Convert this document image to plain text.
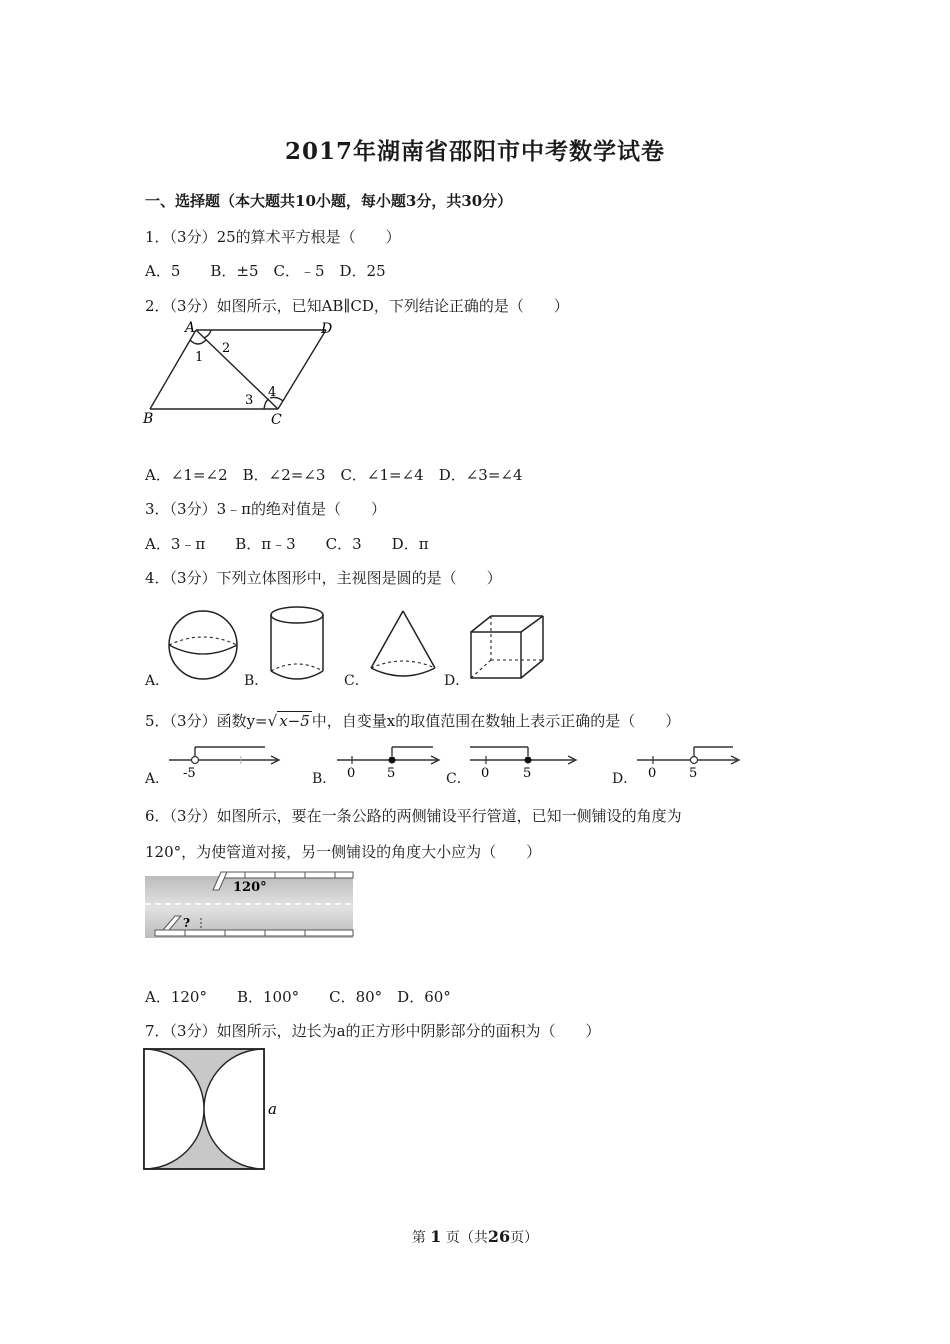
2017年湖南省邵阳市中考数学试卷
一、选择题（本大题共10小题，每小题3分，共30分）
1．（3分）25的算术平方根是（　　）
A．5　　B．±5　C．﹣5　D．25
2．（3分）如图所示，已知AB∥CD，下列结论正确的是（　　）
A	D
B	C
1
2
3
4
A．∠1=∠2　B．∠2=∠3　C．∠1=∠4　D．∠3=∠4
3．（3分）3﹣π的绝对值是（　　）
A．3﹣π　　B．π﹣3　　C．3　　D．π
4．（3分）下列立体图形中，主视图是圆的是（　　）
A．	B．	C．	D．
5．（3分）函数y=√ x−5 中，自变量x的取值范围在数轴上表示正确的是（　　）
A． -5	B． 0 5	C． 0	5	D． 0	5
6．（3分）如图所示，要在一条公路的两侧铺设平行管道，已知一侧铺设的角度为
120°，为使管道对接，另一侧铺设的角度大小应为（　　）
120°
?
A．120°　　B．100°　　C．80°　D．60°
7．（3分）如图所示，边长为a的正方形中阴影部分的面积为（　　）
a
第 1 页（共26页）
